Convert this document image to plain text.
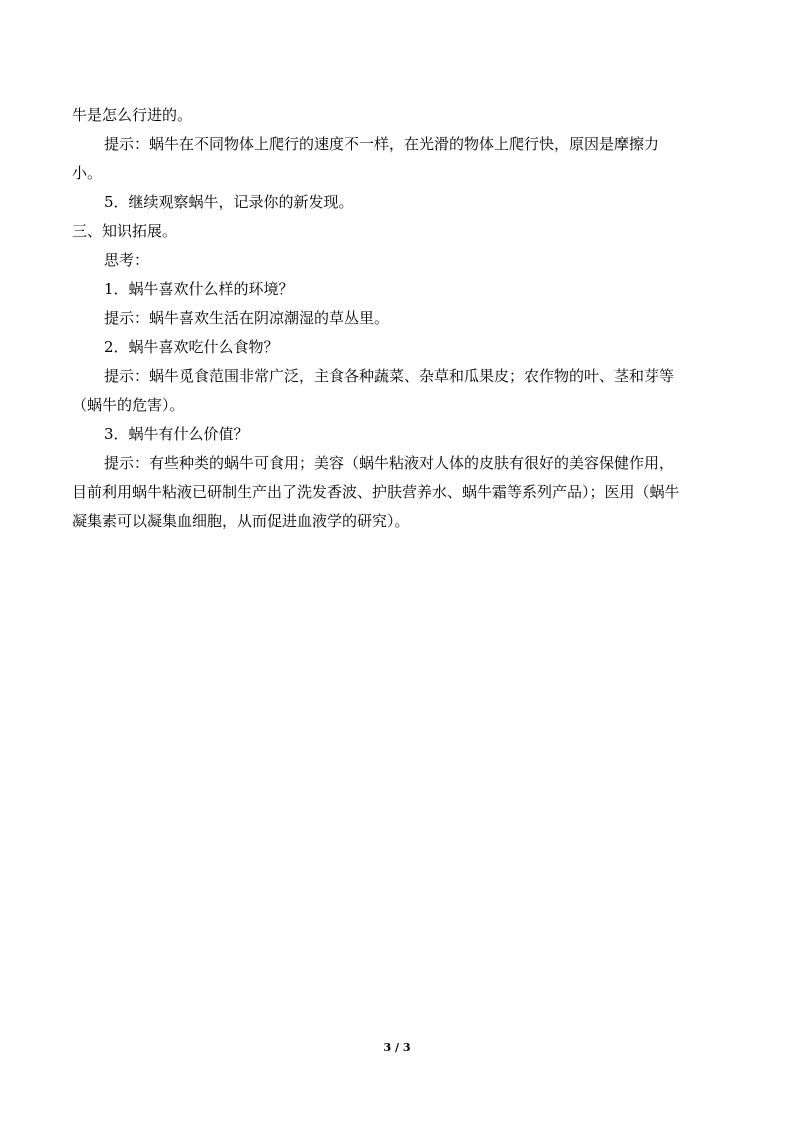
牛是怎么行进的。
提示：蜗牛在不同物体上爬行的速度不一样，在光滑的物体上爬行快，原因是摩擦力
小。
5．继续观察蜗牛，记录你的新发现。
三、知识拓展。
思考：
1．蜗牛喜欢什么样的环境？
提示：蜗牛喜欢生活在阴凉潮湿的草丛里。
2．蜗牛喜欢吃什么食物？
提示：蜗牛觅食范围非常广泛，主食各种蔬菜、杂草和瓜果皮；农作物的叶、茎和芽等
（蜗牛的危害）。
3．蜗牛有什么价值？
提示：有些种类的蜗牛可食用；美容（蜗牛粘液对人体的皮肤有很好的美容保健作用，
目前利用蜗牛粘液已研制生产出了洗发香波、护肤营养水、蜗牛霜等系列产品）；医用（蜗牛
凝集素可以凝集血细胞，从而促进血液学的研究）。
3 / 3
